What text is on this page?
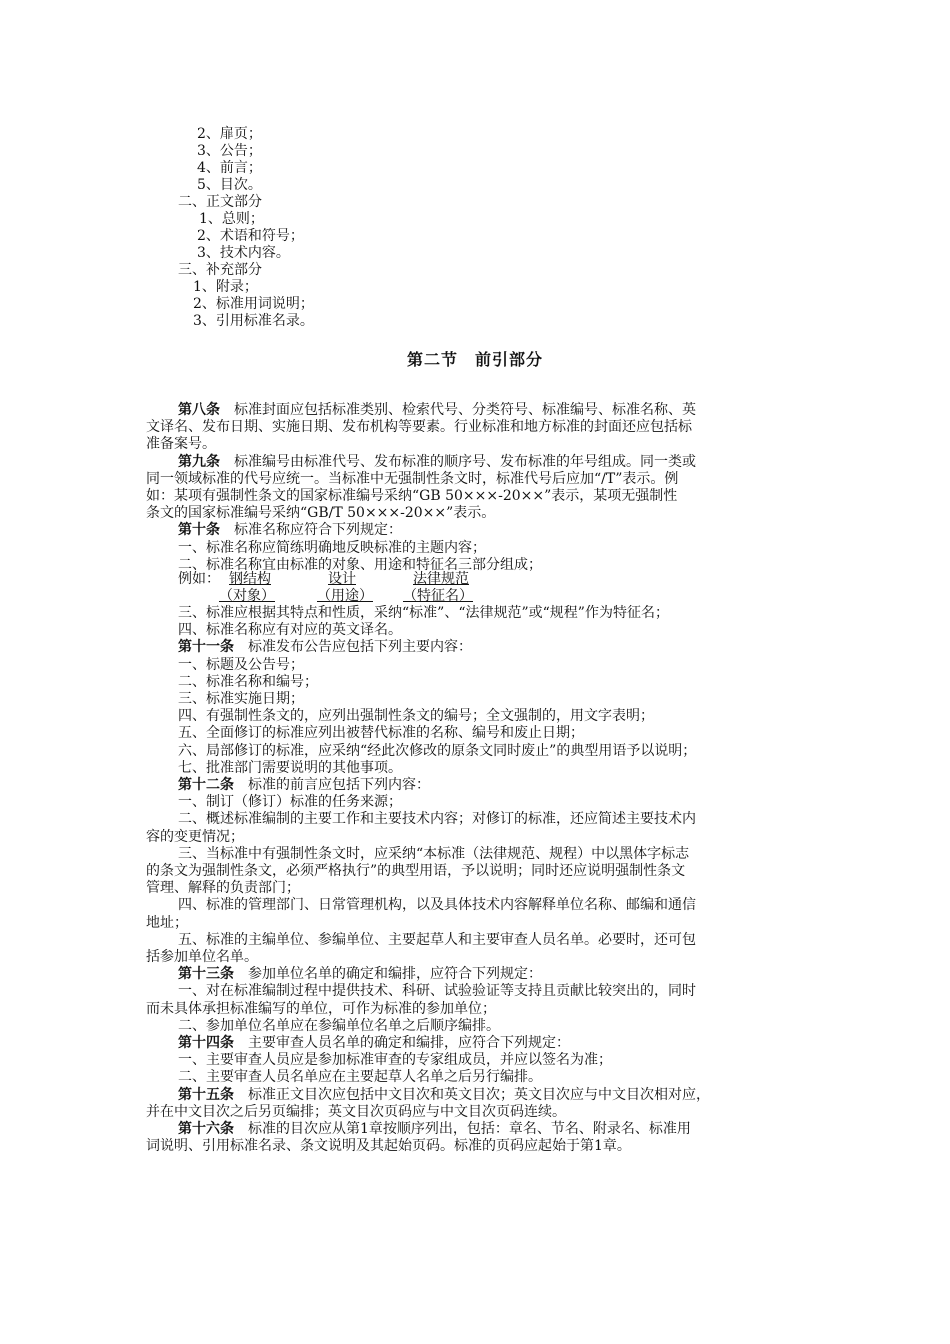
2、扉页；
3、公告；
4、前言；
5、目次。
二、正文部分
1、总则；
2、术语和符号；
3、技术内容。
三、补充部分
1、附录；
2、标准用词说明；
3、引用标准名录。
第二节　前引部分
第八条　标准封面应包括标准类别、检索代号、分类符号、标准编号、标准名称、英
文译名、发布日期、实施日期、发布机构等要素。行业标准和地方标准的封面还应包括标
准备案号。
第九条　标准编号由标准代号、发布标准的顺序号、发布标准的年号组成。同一类或
同一领域标准的代号应统一。当标准中无强制性条文时，标准代号后应加“/T”表示。例
如：某项有强制性条文的国家标准编号采纳“GB 50×××-20××”表示，某项无强制性
条文的国家标准编号采纳“GB/T 50×××-20××”表示。
第十条　标准名称应符合下列规定：
一、标准名称应简练明确地反映标准的主题内容；
二、标准名称宜由标准的对象、用途和特征名三部分组成；
三、标准应根据其特点和性质，采纳“标准”、“法律规范”或“规程”作为特征名；
四、标准名称应有对应的英文译名。
第十一条　标准发布公告应包括下列主要内容：
一、标题及公告号；
二、标准名称和编号；
三、标准实施日期；
四、有强制性条文的，应列出强制性条文的编号；全文强制的，用文字表明；
五、全面修订的标准应列出被替代标准的名称、编号和废止日期；
六、局部修订的标准，应采纳“经此次修改的原条文同时废止”的典型用语予以说明；
七、批准部门需要说明的其他事项。
第十二条　标准的前言应包括下列内容：
一、制订（修订）标准的任务来源；
二、概述标准编制的主要工作和主要技术内容；对修订的标准，还应简述主要技术内
容的变更情况；
三、当标准中有强制性条文时，应采纳“本标准（法律规范、规程）中以黑体字标志
的条文为强制性条文，必须严格执行”的典型用语，予以说明；同时还应说明强制性条文
管理、解释的负责部门；
四、标准的管理部门、日常管理机构，以及具体技术内容解释单位名称、邮编和通信
地址；
五、标准的主编单位、参编单位、主要起草人和主要审查人员名单。必要时，还可包
括参加单位名单。
第十三条　参加单位名单的确定和编排，应符合下列规定：
一、对在标准编制过程中提供技术、科研、试验验证等支持且贡献比较突出的，同时
而未具体承担标准编写的单位，可作为标准的参加单位；
二、参加单位名单应在参编单位名单之后顺序编排。
第十四条　主要审查人员名单的确定和编排，应符合下列规定：
一、主要审查人员应是参加标准审查的专家组成员，并应以签名为准；
二、主要审查人员名单应在主要起草人名单之后另行编排。
第十五条　标准正文目次应包括中文目次和英文目次；英文目次应与中文目次相对应，
并在中文目次之后另页编排；英文目次页码应与中文目次页码连续。
第十六条　标准的目次应从第1章按顺序列出，包括：章名、节名、附录名、标准用
词说明、引用标准名录、条文说明及其起始页码。标准的页码应起始于第1章。
例如： 钢结构	设计	法律规范
（对象）	（用途） （特征名）
